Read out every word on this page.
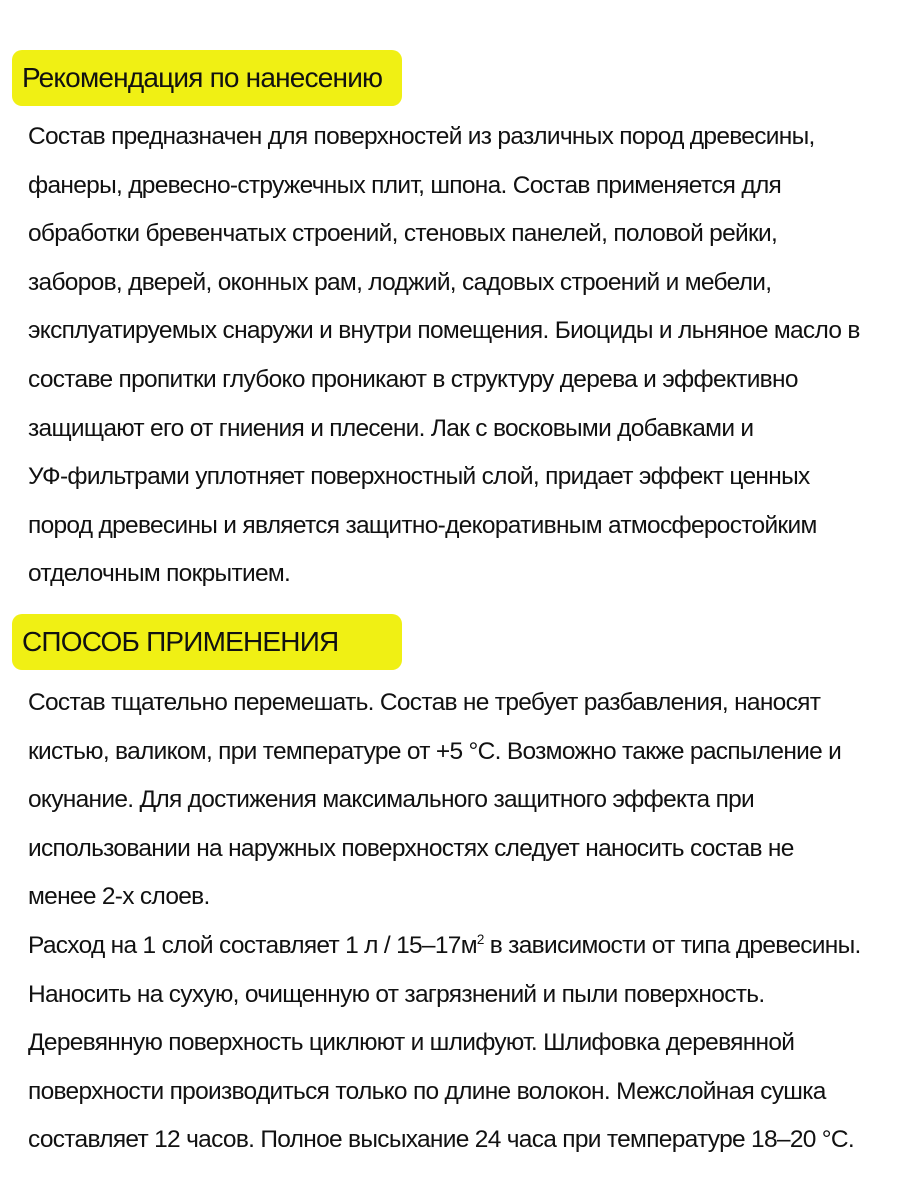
Рекомендация по нанесению
Состав предназначен для поверхностей из различных пород древесины,
фанеры, древесно-стружечных плит, шпона. Состав применяется для
обработки бревенчатых строений, стеновых панелей, половой рейки,
заборов, дверей, оконных рам, лоджий, садовых строений и мебели,
эксплуатируемых снаружи и внутри помещения. Биоциды и льняное масло в
составе пропитки глубоко проникают в структуру дерева и эффективно
защищают его от гниения и плесени. Лак с восковыми добавками и
УФ-фильтрами уплотняет поверхностный слой, придает эффект ценных
пород древесины и является защитно-декоративным атмосферостойким
отделочным покрытием.
СПОСОБ ПРИМЕНЕНИЯ
Состав тщательно перемешать. Состав не требует разбавления, наносят
кистью, валиком, при температуре от +5 °С. Возможно также распыление и
окунание. Для достижения максимального защитного эффекта при
использовании на наружных поверхностях следует наносить состав не
менее 2-х слоев.
Расход на 1 слой составляет 1 л / $15-17м^2$ в зависимости от типа древесины.
Наносить на сухую, очищенную от загрязнений и пыли поверхность.
Деревянную поверхность циклюют и шлифуют. Шлифовка деревянной
поверхности производиться только по длине волокон. Межслойная сушка
составляет 12 часов. Полное высыхание 24 часа при температуре 18–20 °С.
